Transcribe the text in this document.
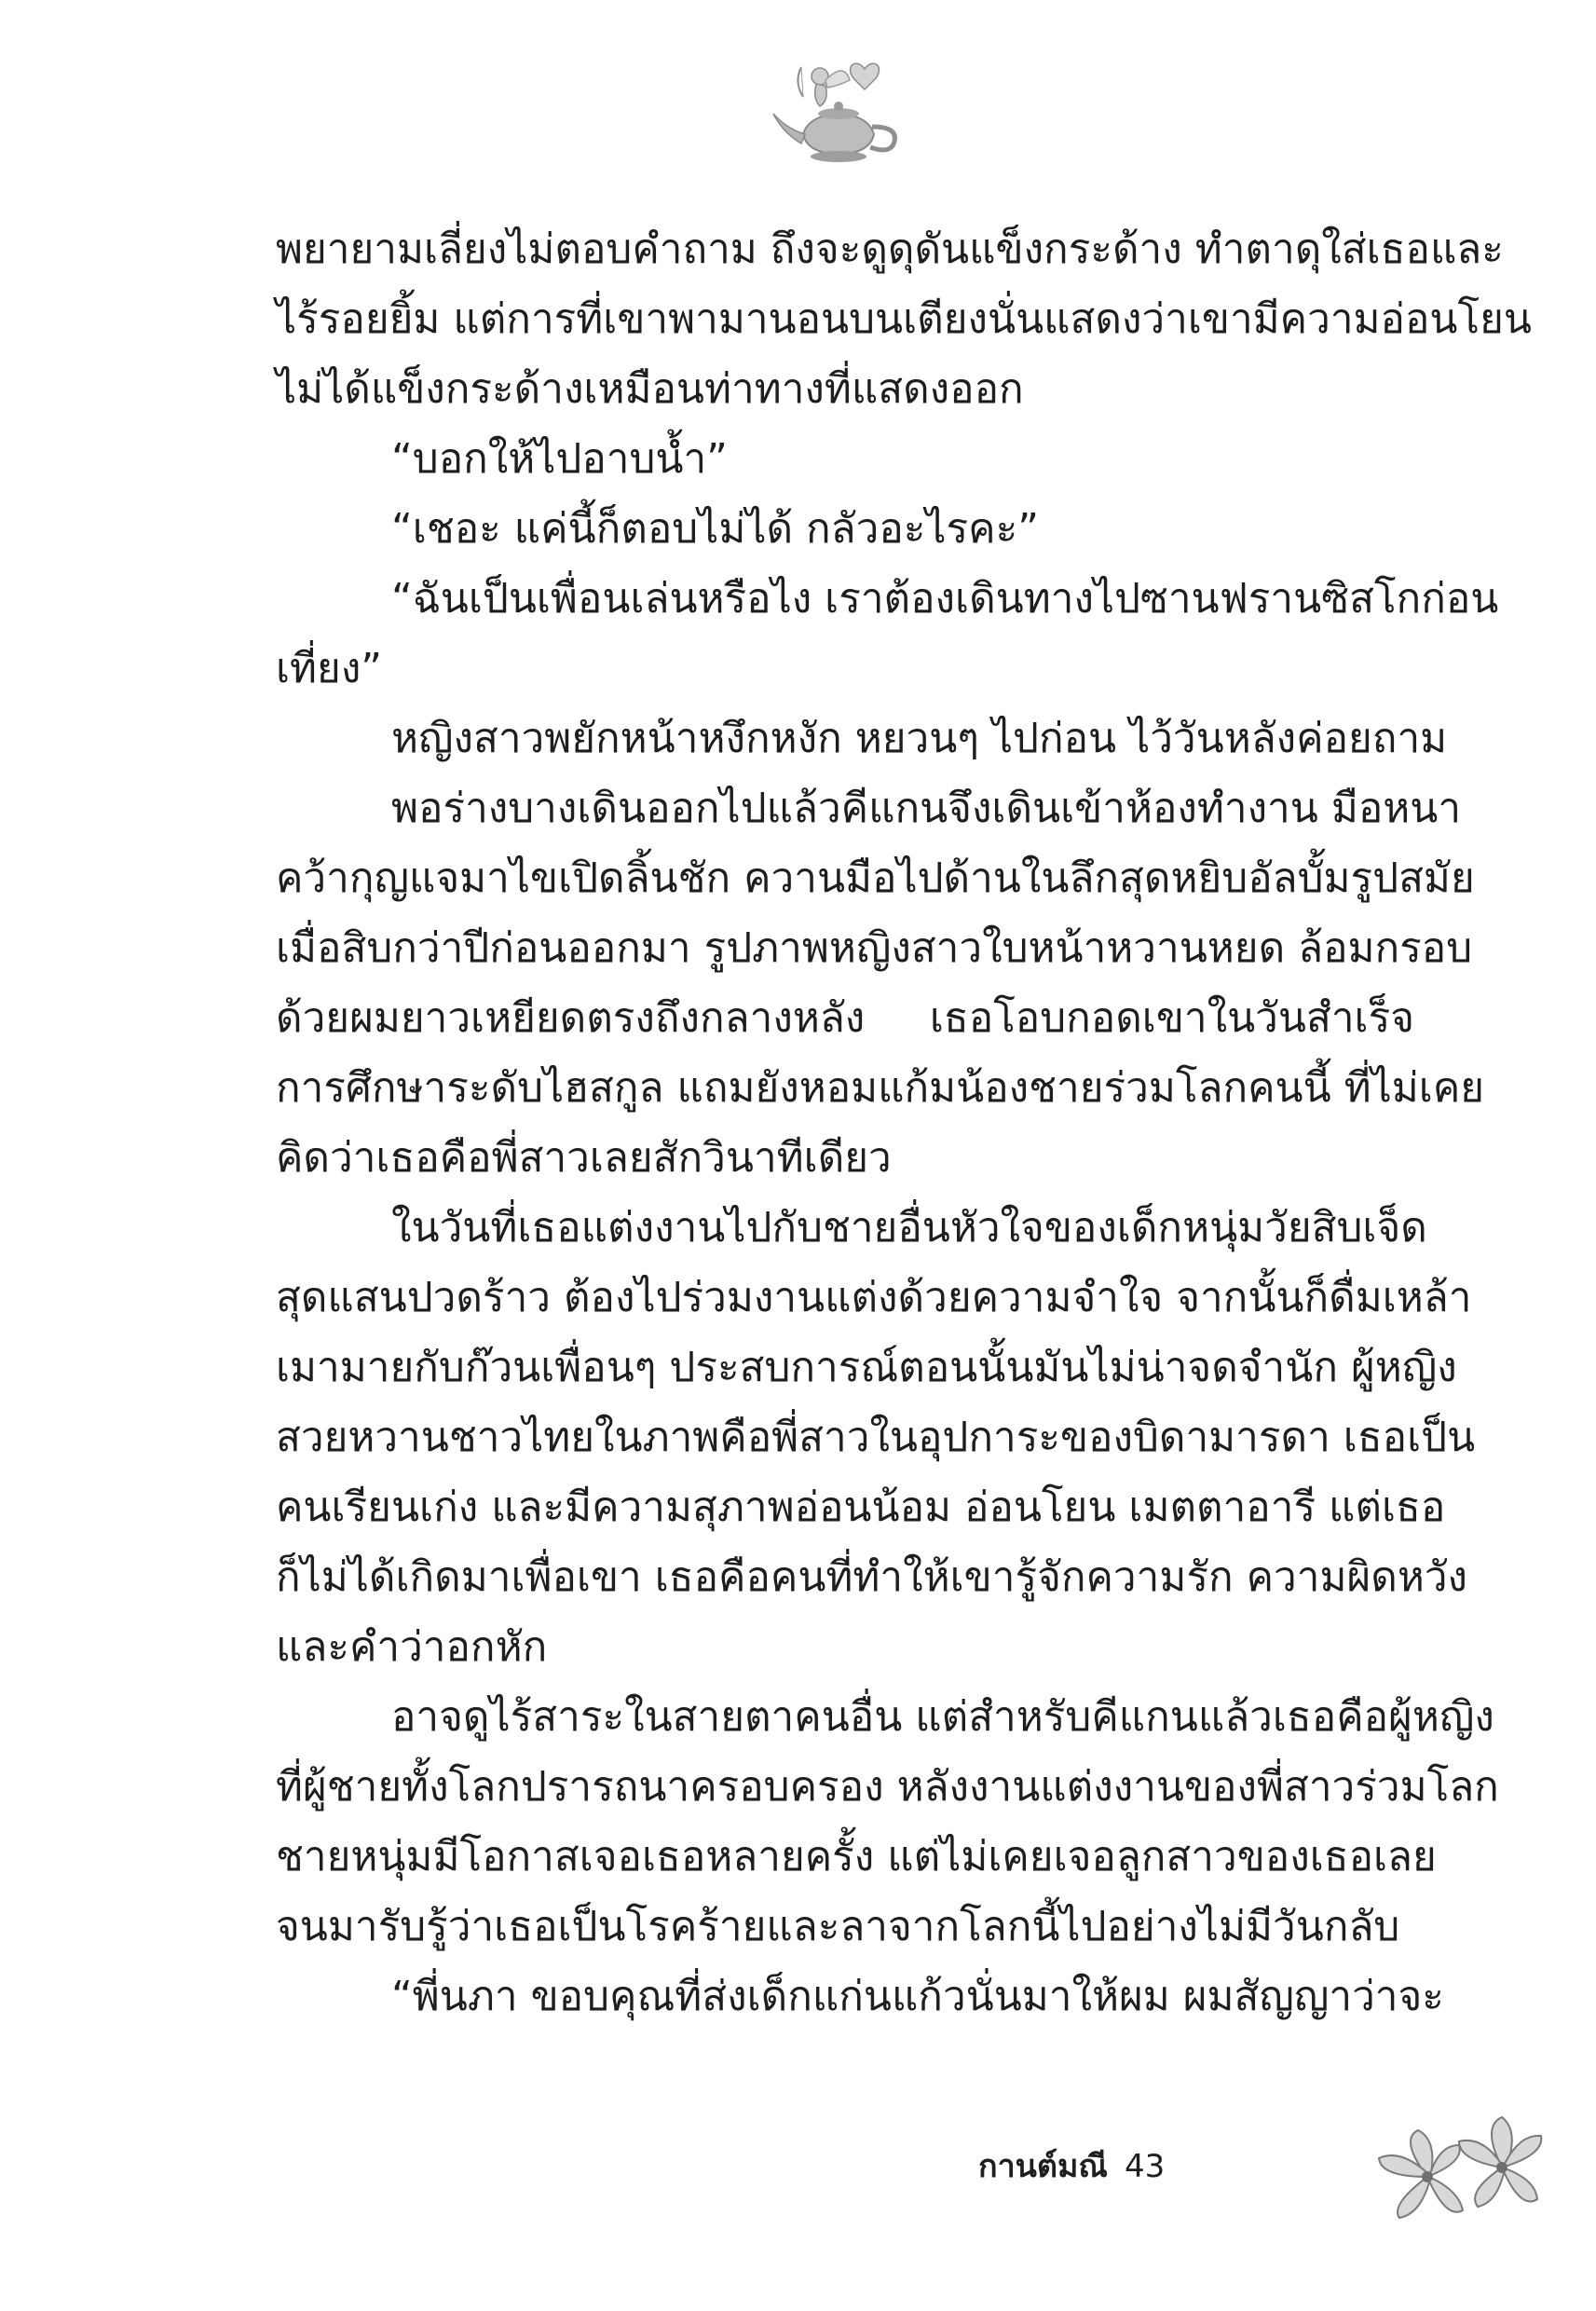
พยายามเลี่ยงไม่ตอบคำถาม ถึงจะดูดุดันแข็งกระด้าง ทำตาดุใส่เธอและ
ไร้รอยยิ้ม แต่การที่เขาพามานอนบนเตียงนั่นแสดงว่าเขามีความอ่อนโยน
ไม่ได้แข็งกระด้างเหมือนท่าทางที่แสดงออก
“บอกให้ไปอาบน้ำ”
“เชอะ แค่นี้ก็ตอบไม่ได้ กลัวอะไรคะ”
“ฉันเป็นเพื่อนเล่นหรือไง เราต้องเดินทางไปซานฟรานซิสโกก่อน
เที่ยง”
หญิงสาวพยักหน้าหงึกหงัก หยวนๆ ไปก่อน ไว้วันหลังค่อยถาม
พอร่างบางเดินออกไปแล้วคีแกนจึงเดินเข้าห้องทำงาน มือหนา
คว้ากุญแจมาไขเปิดลิ้นชัก ควานมือไปด้านในลึกสุดหยิบอัลบั้มรูปสมัย
เมื่อสิบกว่าปีก่อนออกมา รูปภาพหญิงสาวใบหน้าหวานหยด ล้อมกรอบ
ด้วยผมยาวเหยียดตรงถึงกลางหลัง เธอโอบกอดเขาในวันสำเร็จ
การศึกษาระดับไฮสกูล แถมยังหอมแก้มน้องชายร่วมโลกคนนี้ ที่ไม่เคย
คิดว่าเธอคือพี่สาวเลยสักวินาทีเดียว
ในวันที่เธอแต่งงานไปกับชายอื่นหัวใจของเด็กหนุ่มวัยสิบเจ็ด
สุดแสนปวดร้าว ต้องไปร่วมงานแต่งด้วยความจำใจ จากนั้นก็ดื่มเหล้า
เมามายกับก๊วนเพื่อนๆ ประสบการณ์ตอนนั้นมันไม่น่าจดจำนัก ผู้หญิง
สวยหวานชาวไทยในภาพคือพี่สาวในอุปการะของบิดามารดา เธอเป็น
คนเรียนเก่ง และมีความสุภาพอ่อนน้อม อ่อนโยน เมตตาอารี แต่เธอ
ก็ไม่ได้เกิดมาเพื่อเขา เธอคือคนที่ทำให้เขารู้จักความรัก ความผิดหวัง
และคำว่าอกหัก
อาจดูไร้สาระในสายตาคนอื่น แต่สำหรับคีแกนแล้วเธอคือผู้หญิง
ที่ผู้ชายทั้งโลกปรารถนาครอบครอง หลังงานแต่งงานของพี่สาวร่วมโลก
ชายหนุ่มมีโอกาสเจอเธอหลายครั้ง แต่ไม่เคยเจอลูกสาวของเธอเลย
จนมารับรู้ว่าเธอเป็นโรคร้ายและลาจากโลกนี้ไปอย่างไม่มีวันกลับ
“พี่นภา ขอบคุณที่ส่งเด็กแก่นแก้วนั่นมาให้ผม ผมสัญญาว่าจะ
กานต์มณี 43
